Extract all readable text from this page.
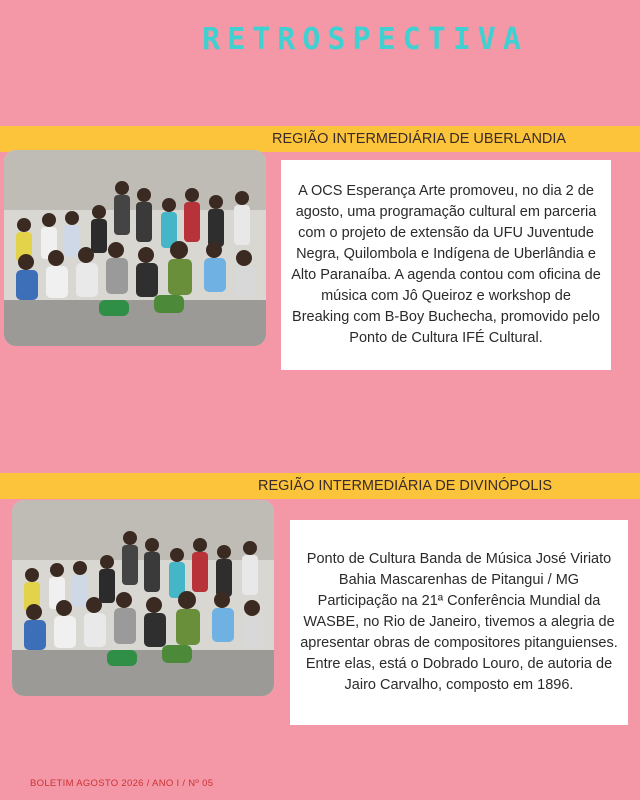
RETROSPECTIVA
REGIÃO INTERMEDIÁRIA DE UBERLANDIA

A OCS Esperança Arte promoveu, no dia 2 de agosto, uma programação cultural em parceria com o projeto de extensão da UFU Juventude Negra, Quilombola e Indígena de Uberlândia e Alto Paranaíba. A agenda contou com oficina de música com Jô Queiroz e workshop de Breaking com B-Boy Buchecha, promovido pelo Ponto de Cultura IFÉ Cultural.

REGIÃO INTERMEDIÁRIA DE DIVINÓPOLIS

Ponto de Cultura Banda de Música José Viriato Bahia Mascarenhas de Pitangui / MG

Participação na 21ª Conferência Mundial da WASBE, no Rio de Janeiro, tivemos a alegria de apresentar obras de compositores pitanguienses. Entre elas, está o Dobrado Louro, de autoria de Jairo Carvalho, composto em 1896.

BOLETIM AGOSTO 2026 / ANO I / Nº 05
